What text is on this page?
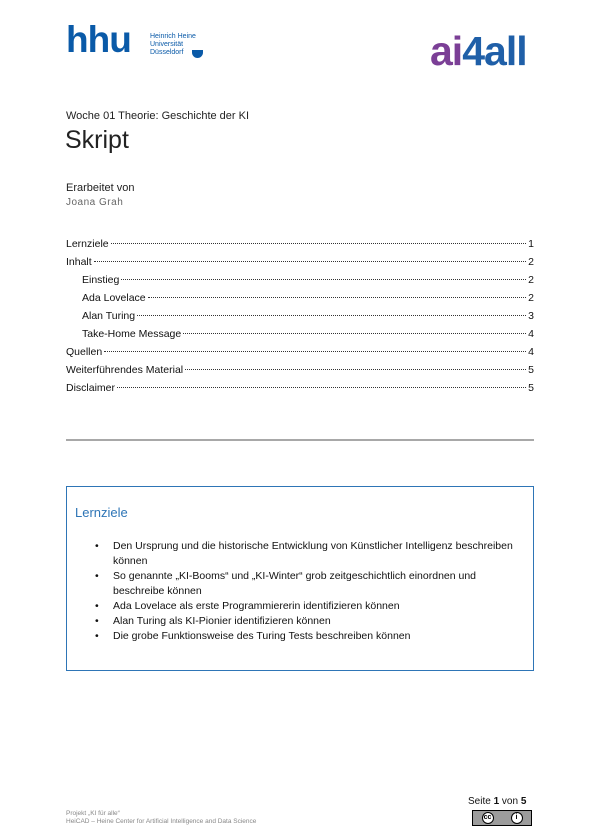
hhu	Heinrich Heine
Universität
Düsseldorf	ai4all
Woche 01 Theorie: Geschichte der KI
Skript
Erarbeitet von
Joana Grah
Lernziele	1
Inhalt	2
Einstieg	2
Ada Lovelace	2
Alan Turing	3
Take-Home Message	4
Quellen	4
Weiterführendes Material	5
Disclaimer	5
Lernziele
• Den Ursprung und die historische Entwicklung von Künstlicher Intelligenz beschreiben können
• So genannte „KI-Booms“ und „KI-Winter“ grob zeitgeschichtlich einordnen und beschreibe können
• Ada Lovelace als erste Programmiererin identifizieren können
• Alan Turing als KI-Pionier identifizieren können
• Die grobe Funktionsweise des Turing Tests beschreiben können
Projekt „KI für alle“
HeiCAD – Heine Center for Artificial Intelligence and Data Science
Seite 1 von 5
cc	i
